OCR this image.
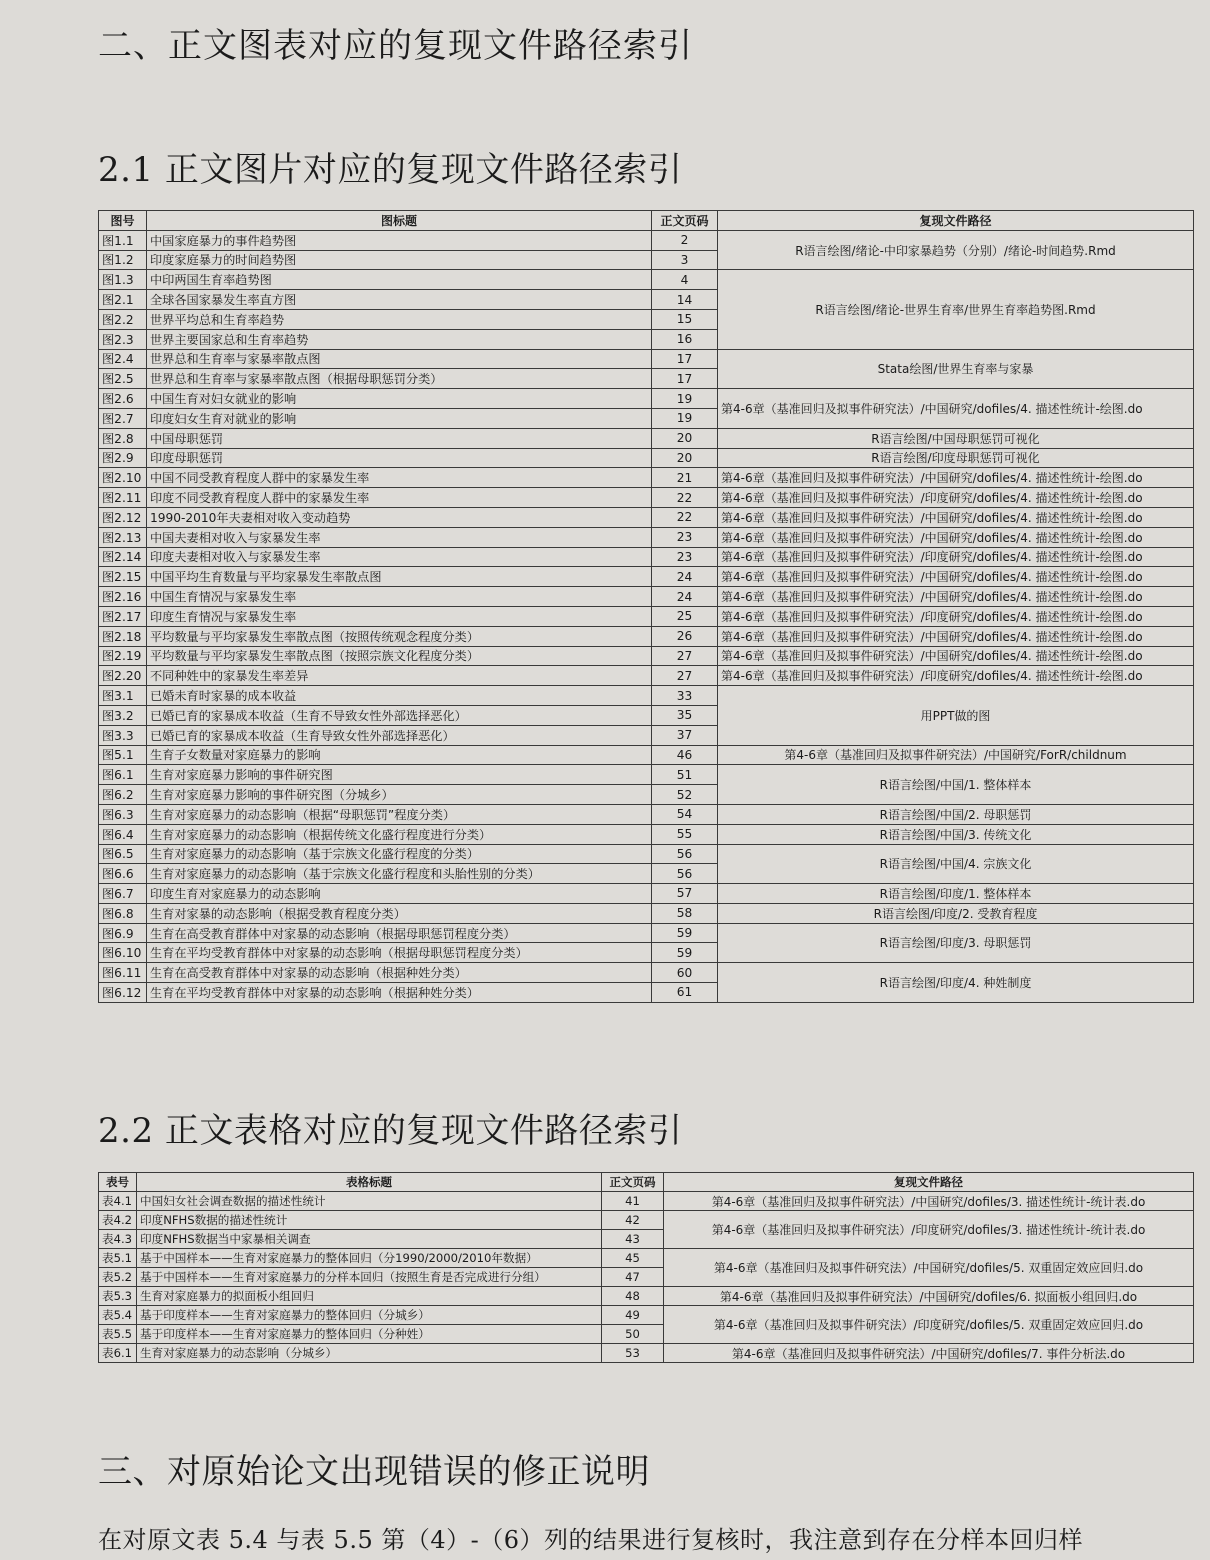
二、正文图表对应的复现文件路径索引
2.1 正文图片对应的复现文件路径索引
图号	图标题	正文页码	复现文件路径
图1.1	中国家庭暴力的事件趋势图	2	R语言绘图/绪论-中印家暴趋势（分别）/绪论-时间趋势.Rmd
图1.2	印度家庭暴力的时间趋势图	3	
图1.3	中印两国生育率趋势图	4	R语言绘图/绪论-世界生育率/世界生育率趋势图.Rmd
图2.1	全球各国家暴发生率直方图	14	
图2.2	世界平均总和生育率趋势	15	
图2.3	世界主要国家总和生育率趋势	16	
图2.4	世界总和生育率与家暴率散点图	17	Stata绘图/世界生育率与家暴
图2.5	世界总和生育率与家暴率散点图（根据母职惩罚分类）	17	
图2.6	中国生育对妇女就业的影响	19	第4-6章（基准回归及拟事件研究法）/中国研究/dofiles/4. 描述性统计-绘图.do
图2.7	印度妇女生育对就业的影响	19	
图2.8	中国母职惩罚	20	R语言绘图/中国母职惩罚可视化
图2.9	印度母职惩罚	20	R语言绘图/印度母职惩罚可视化
图2.10	中国不同受教育程度人群中的家暴发生率	21	第4-6章（基准回归及拟事件研究法）/中国研究/dofiles/4. 描述性统计-绘图.do
图2.11	印度不同受教育程度人群中的家暴发生率	22	第4-6章（基准回归及拟事件研究法）/印度研究/dofiles/4. 描述性统计-绘图.do
图2.12	1990-2010年夫妻相对收入变动趋势	22	第4-6章（基准回归及拟事件研究法）/中国研究/dofiles/4. 描述性统计-绘图.do
图2.13	中国夫妻相对收入与家暴发生率	23	第4-6章（基准回归及拟事件研究法）/中国研究/dofiles/4. 描述性统计-绘图.do
图2.14	印度夫妻相对收入与家暴发生率	23	第4-6章（基准回归及拟事件研究法）/印度研究/dofiles/4. 描述性统计-绘图.do
图2.15	中国平均生育数量与平均家暴发生率散点图	24	第4-6章（基准回归及拟事件研究法）/中国研究/dofiles/4. 描述性统计-绘图.do
图2.16	中国生育情况与家暴发生率	24	第4-6章（基准回归及拟事件研究法）/中国研究/dofiles/4. 描述性统计-绘图.do
图2.17	印度生育情况与家暴发生率	25	第4-6章（基准回归及拟事件研究法）/印度研究/dofiles/4. 描述性统计-绘图.do
图2.18	平均数量与平均家暴发生率散点图（按照传统观念程度分类）	26	第4-6章（基准回归及拟事件研究法）/中国研究/dofiles/4. 描述性统计-绘图.do
图2.19	平均数量与平均家暴发生率散点图（按照宗族文化程度分类）	27	第4-6章（基准回归及拟事件研究法）/中国研究/dofiles/4. 描述性统计-绘图.do
图2.20	不同种姓中的家暴发生率差异	27	第4-6章（基准回归及拟事件研究法）/印度研究/dofiles/4. 描述性统计-绘图.do
图3.1	已婚未育时家暴的成本收益	33	用PPT做的图
图3.2	已婚已育的家暴成本收益（生育不导致女性外部选择恶化）	35	
图3.3	已婚已育的家暴成本收益（生育导致女性外部选择恶化）	37	
图5.1	生育子女数量对家庭暴力的影响	46	第4-6章（基准回归及拟事件研究法）/中国研究/ForR/childnum
图6.1	生育对家庭暴力影响的事件研究图	51	R语言绘图/中国/1. 整体样本
图6.2	生育对家庭暴力影响的事件研究图（分城乡）	52	
图6.3	生育对家庭暴力的动态影响（根据“母职惩罚”程度分类）	54	R语言绘图/中国/2. 母职惩罚
图6.4	生育对家庭暴力的动态影响（根据传统文化盛行程度进行分类）	55	R语言绘图/中国/3. 传统文化
图6.5	生育对家庭暴力的动态影响（基于宗族文化盛行程度的分类）	56	R语言绘图/中国/4. 宗族文化
图6.6	生育对家庭暴力的动态影响（基于宗族文化盛行程度和头胎性别的分类）	56	
图6.7	印度生育对家庭暴力的动态影响	57	R语言绘图/印度/1. 整体样本
图6.8	生育对家暴的动态影响（根据受教育程度分类）	58	R语言绘图/印度/2. 受教育程度
图6.9	生育在高受教育群体中对家暴的动态影响（根据母职惩罚程度分类）	59	R语言绘图/印度/3. 母职惩罚
图6.10	生育在平均受教育群体中对家暴的动态影响（根据母职惩罚程度分类）	59	
图6.11	生育在高受教育群体中对家暴的动态影响（根据种姓分类）	60	R语言绘图/印度/4. 种姓制度
图6.12	生育在平均受教育群体中对家暴的动态影响（根据种姓分类）	61	
2.2 正文表格对应的复现文件路径索引
表号	表格标题	正文页码	复现文件路径
表4.1	中国妇女社会调查数据的描述性统计	41	第4-6章（基准回归及拟事件研究法）/中国研究/dofiles/3. 描述性统计-统计表.do
表4.2	印度NFHS数据的描述性统计	42	第4-6章（基准回归及拟事件研究法）/印度研究/dofiles/3. 描述性统计-统计表.do
表4.3	印度NFHS数据当中家暴相关调查	43	
表5.1	基于中国样本——生育对家庭暴力的整体回归（分1990/2000/2010年数据）	45	第4-6章（基准回归及拟事件研究法）/中国研究/dofiles/5. 双重固定效应回归.do
表5.2	基于中国样本——生育对家庭暴力的分样本回归（按照生育是否完成进行分组）	47	
表5.3	生育对家庭暴力的拟面板小组回归	48	第4-6章（基准回归及拟事件研究法）/中国研究/dofiles/6. 拟面板小组回归.do
表5.4	基于印度样本——生育对家庭暴力的整体回归（分城乡）	49	第4-6章（基准回归及拟事件研究法）/印度研究/dofiles/5. 双重固定效应回归.do
表5.5	基于印度样本——生育对家庭暴力的整体回归（分种姓）	50	
表6.1	生育对家庭暴力的动态影响（分城乡）	53	第4-6章（基准回归及拟事件研究法）/中国研究/dofiles/7. 事件分析法.do
三、对原始论文出现错误的修正说明
在对原文表 5.4 与表 5.5 第（4）-（6）列的结果进行复核时，我注意到存在分样本回归样
